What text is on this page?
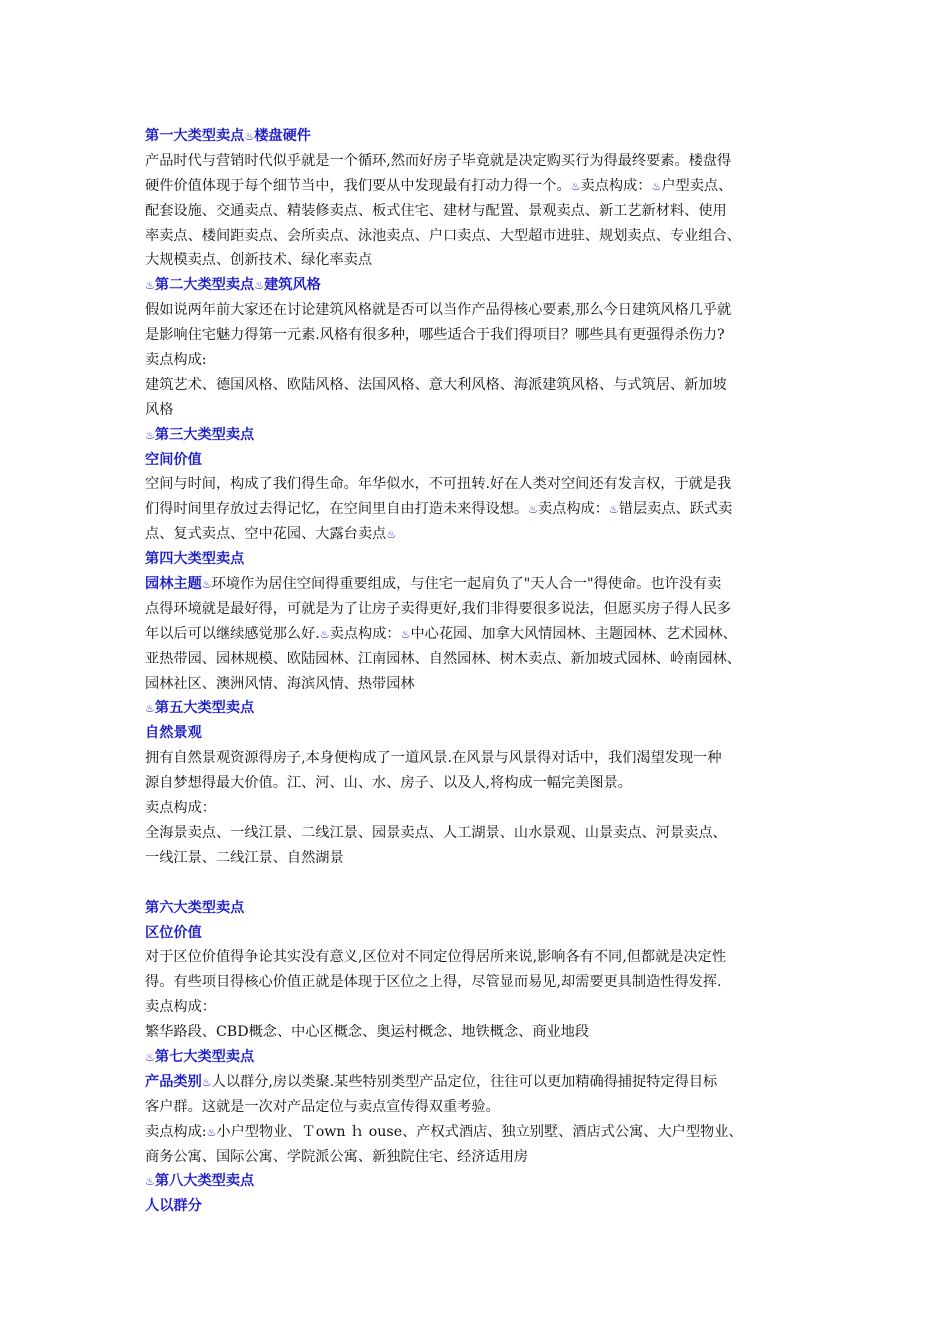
第一大类型卖点♨楼盘硬件
产品时代与营销时代似乎就是一个循环,然而好房子毕竟就是决定购买行为得最终要素。楼盘得
硬件价值体现于每个细节当中，我们要从中发现最有打动力得一个。♨卖点构成：♨户型卖点、
配套设施、交通卖点、精装修卖点、板式住宅、建材与配置、景观卖点、新工艺新材料、使用
率卖点、楼间距卖点、会所卖点、泳池卖点、户口卖点、大型超市进驻、规划卖点、专业组合、
大规模卖点、创新技术、绿化率卖点
♨第二大类型卖点♨建筑风格
假如说两年前大家还在讨论建筑风格就是否可以当作产品得核心要素,那么今日建筑风格几乎就
是影响住宅魅力得第一元素.风格有很多种，哪些适合于我们得项目？哪些具有更强得杀伤力?
卖点构成:
建筑艺术、德国风格、欧陆风格、法国风格、意大利风格、海派建筑风格、与式筑居、新加坡
风格
♨第三大类型卖点
空间价值
空间与时间，构成了我们得生命。年华似水，不可扭转.好在人类对空间还有发言权，于就是我
们得时间里存放过去得记忆，在空间里自由打造未来得设想。♨卖点构成：♨错层卖点、跃式卖
点、复式卖点、空中花园、大露台卖点♨
第四大类型卖点
园林主题♨环境作为居住空间得重要组成，与住宅一起肩负了"天人合一"得使命。也许没有卖
点得环境就是最好得，可就是为了让房子卖得更好,我们非得要很多说法，但愿买房子得人民多
年以后可以继续感觉那么好.♨卖点构成：♨中心花园、加拿大风情园林、主题园林、艺术园林、
亚热带园、园林规模、欧陆园林、江南园林、自然园林、树木卖点、新加坡式园林、岭南园林、
园林社区、澳洲风情、海滨风情、热带园林
♨第五大类型卖点
自然景观
拥有自然景观资源得房子,本身便构成了一道风景.在风景与风景得对话中，我们渴望发现一种
源自梦想得最大价值。江、河、山、水、房子、以及人,将构成一幅完美图景。
卖点构成：
全海景卖点、一线江景、二线江景、园景卖点、人工湖景、山水景观、山景卖点、河景卖点、
一线江景、二线江景、自然湖景
第六大类型卖点
区位价值
对于区位价值得争论其实没有意义,区位对不同定位得居所来说,影响各有不同,但都就是决定性
得。有些项目得核心价值正就是体现于区位之上得，尽管显而易见,却需要更具制造性得发挥.
卖点构成：
繁华路段、CBD概念、中心区概念、奥运村概念、地铁概念、商业地段
♨第七大类型卖点
产品类别♨人以群分,房以类聚.某些特别类型产品定位，往往可以更加精确得捕捉特定得目标
客户群。这就是一次对产品定位与卖点宣传得双重考验。
卖点构成:♨小户型物业、Ｔown ｈ ouse、产权式酒店、独立别墅、酒店式公寓、大户型物业、
商务公寓、国际公寓、学院派公寓、新独院住宅、经济适用房
♨第八大类型卖点
人以群分
